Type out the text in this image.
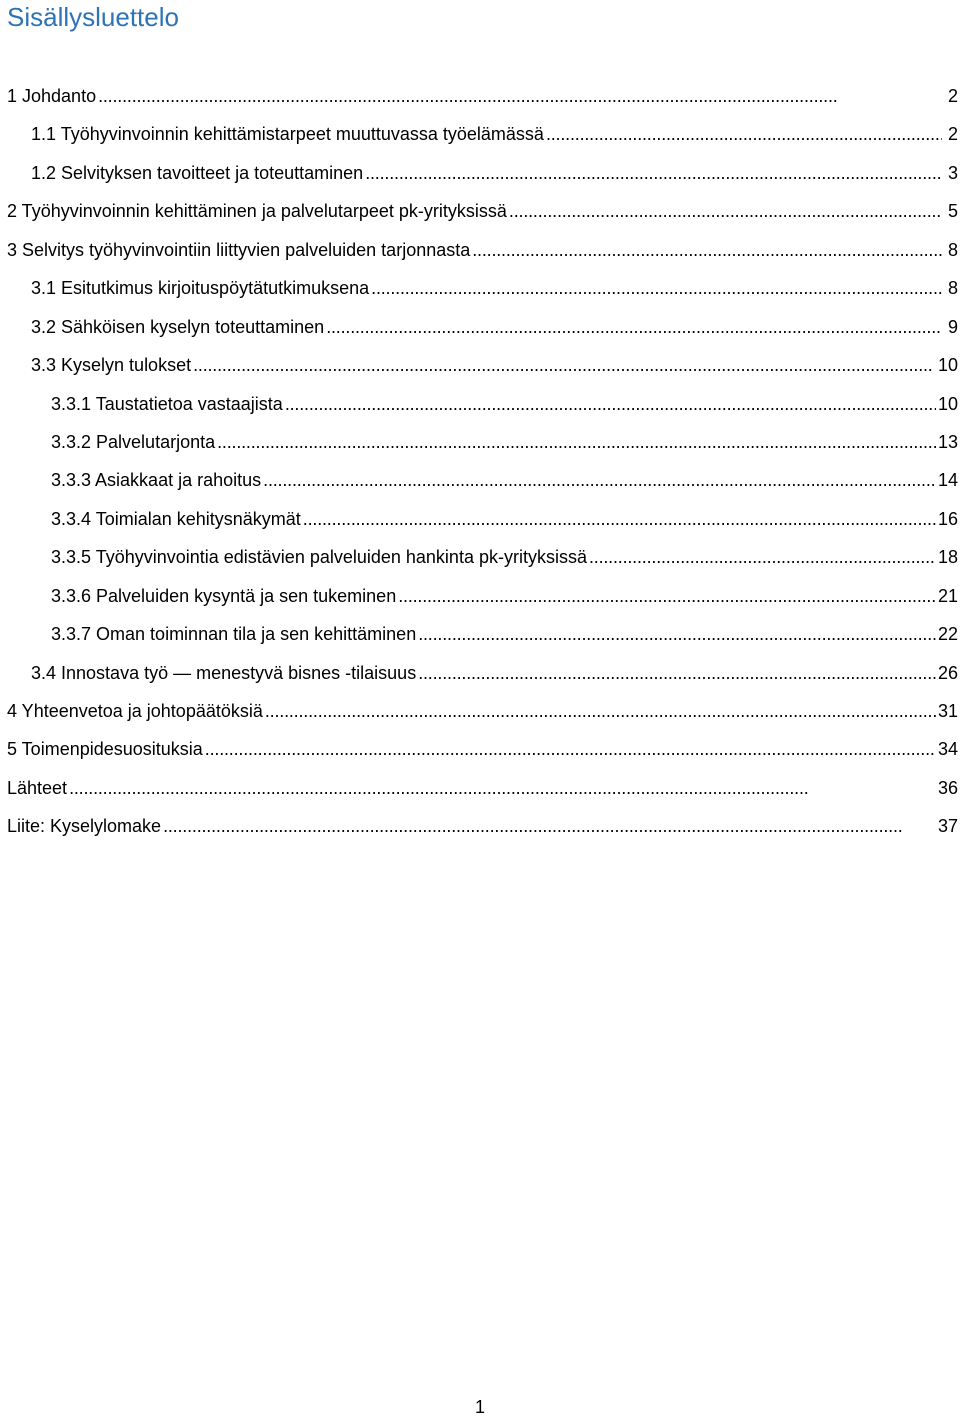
Sisällysluettelo
1 Johdanto . . .	2
1.1 Työhyvinvoinnin kehittämistarpeet muuttuvassa työelämässä . . .	2
1.2 Selvityksen tavoitteet ja toteuttaminen . . .	3
2 Työhyvinvoinnin kehittäminen ja palvelutarpeet pk-yrityksissä . . .	5
3 Selvitys työhyvinvointiin liittyvien palveluiden tarjonnasta . . .	8
3.1 Esitutkimus kirjoituspöytätutkimuksena . . .	8
3.2 Sähköisen kyselyn toteuttaminen . . .	9
3.3 Kyselyn tulokset . . .	10
3.3.1 Taustatietoa vastaajista . . .	10
3.3.2 Palvelutarjonta . . .	13
3.3.3 Asiakkaat ja rahoitus . . .	14
3.3.4 Toimialan kehitysnäkymät . . .	16
3.3.5 Työhyvinvointia edistävien palveluiden hankinta pk-yrityksissä . . .	18
3.3.6 Palveluiden kysyntä ja sen tukeminen . . .	21
3.3.7 Oman toiminnan tila ja sen kehittäminen . . .	22
3.4 Innostava työ — menestyvä bisnes -tilaisuus . . .	26
4 Yhteenvetoa ja johtopäätöksiä . . .	31
5 Toimenpidesuosituksia . . .	34
Lähteet . . .	36
Liite: Kyselylomake . . .	37
1
